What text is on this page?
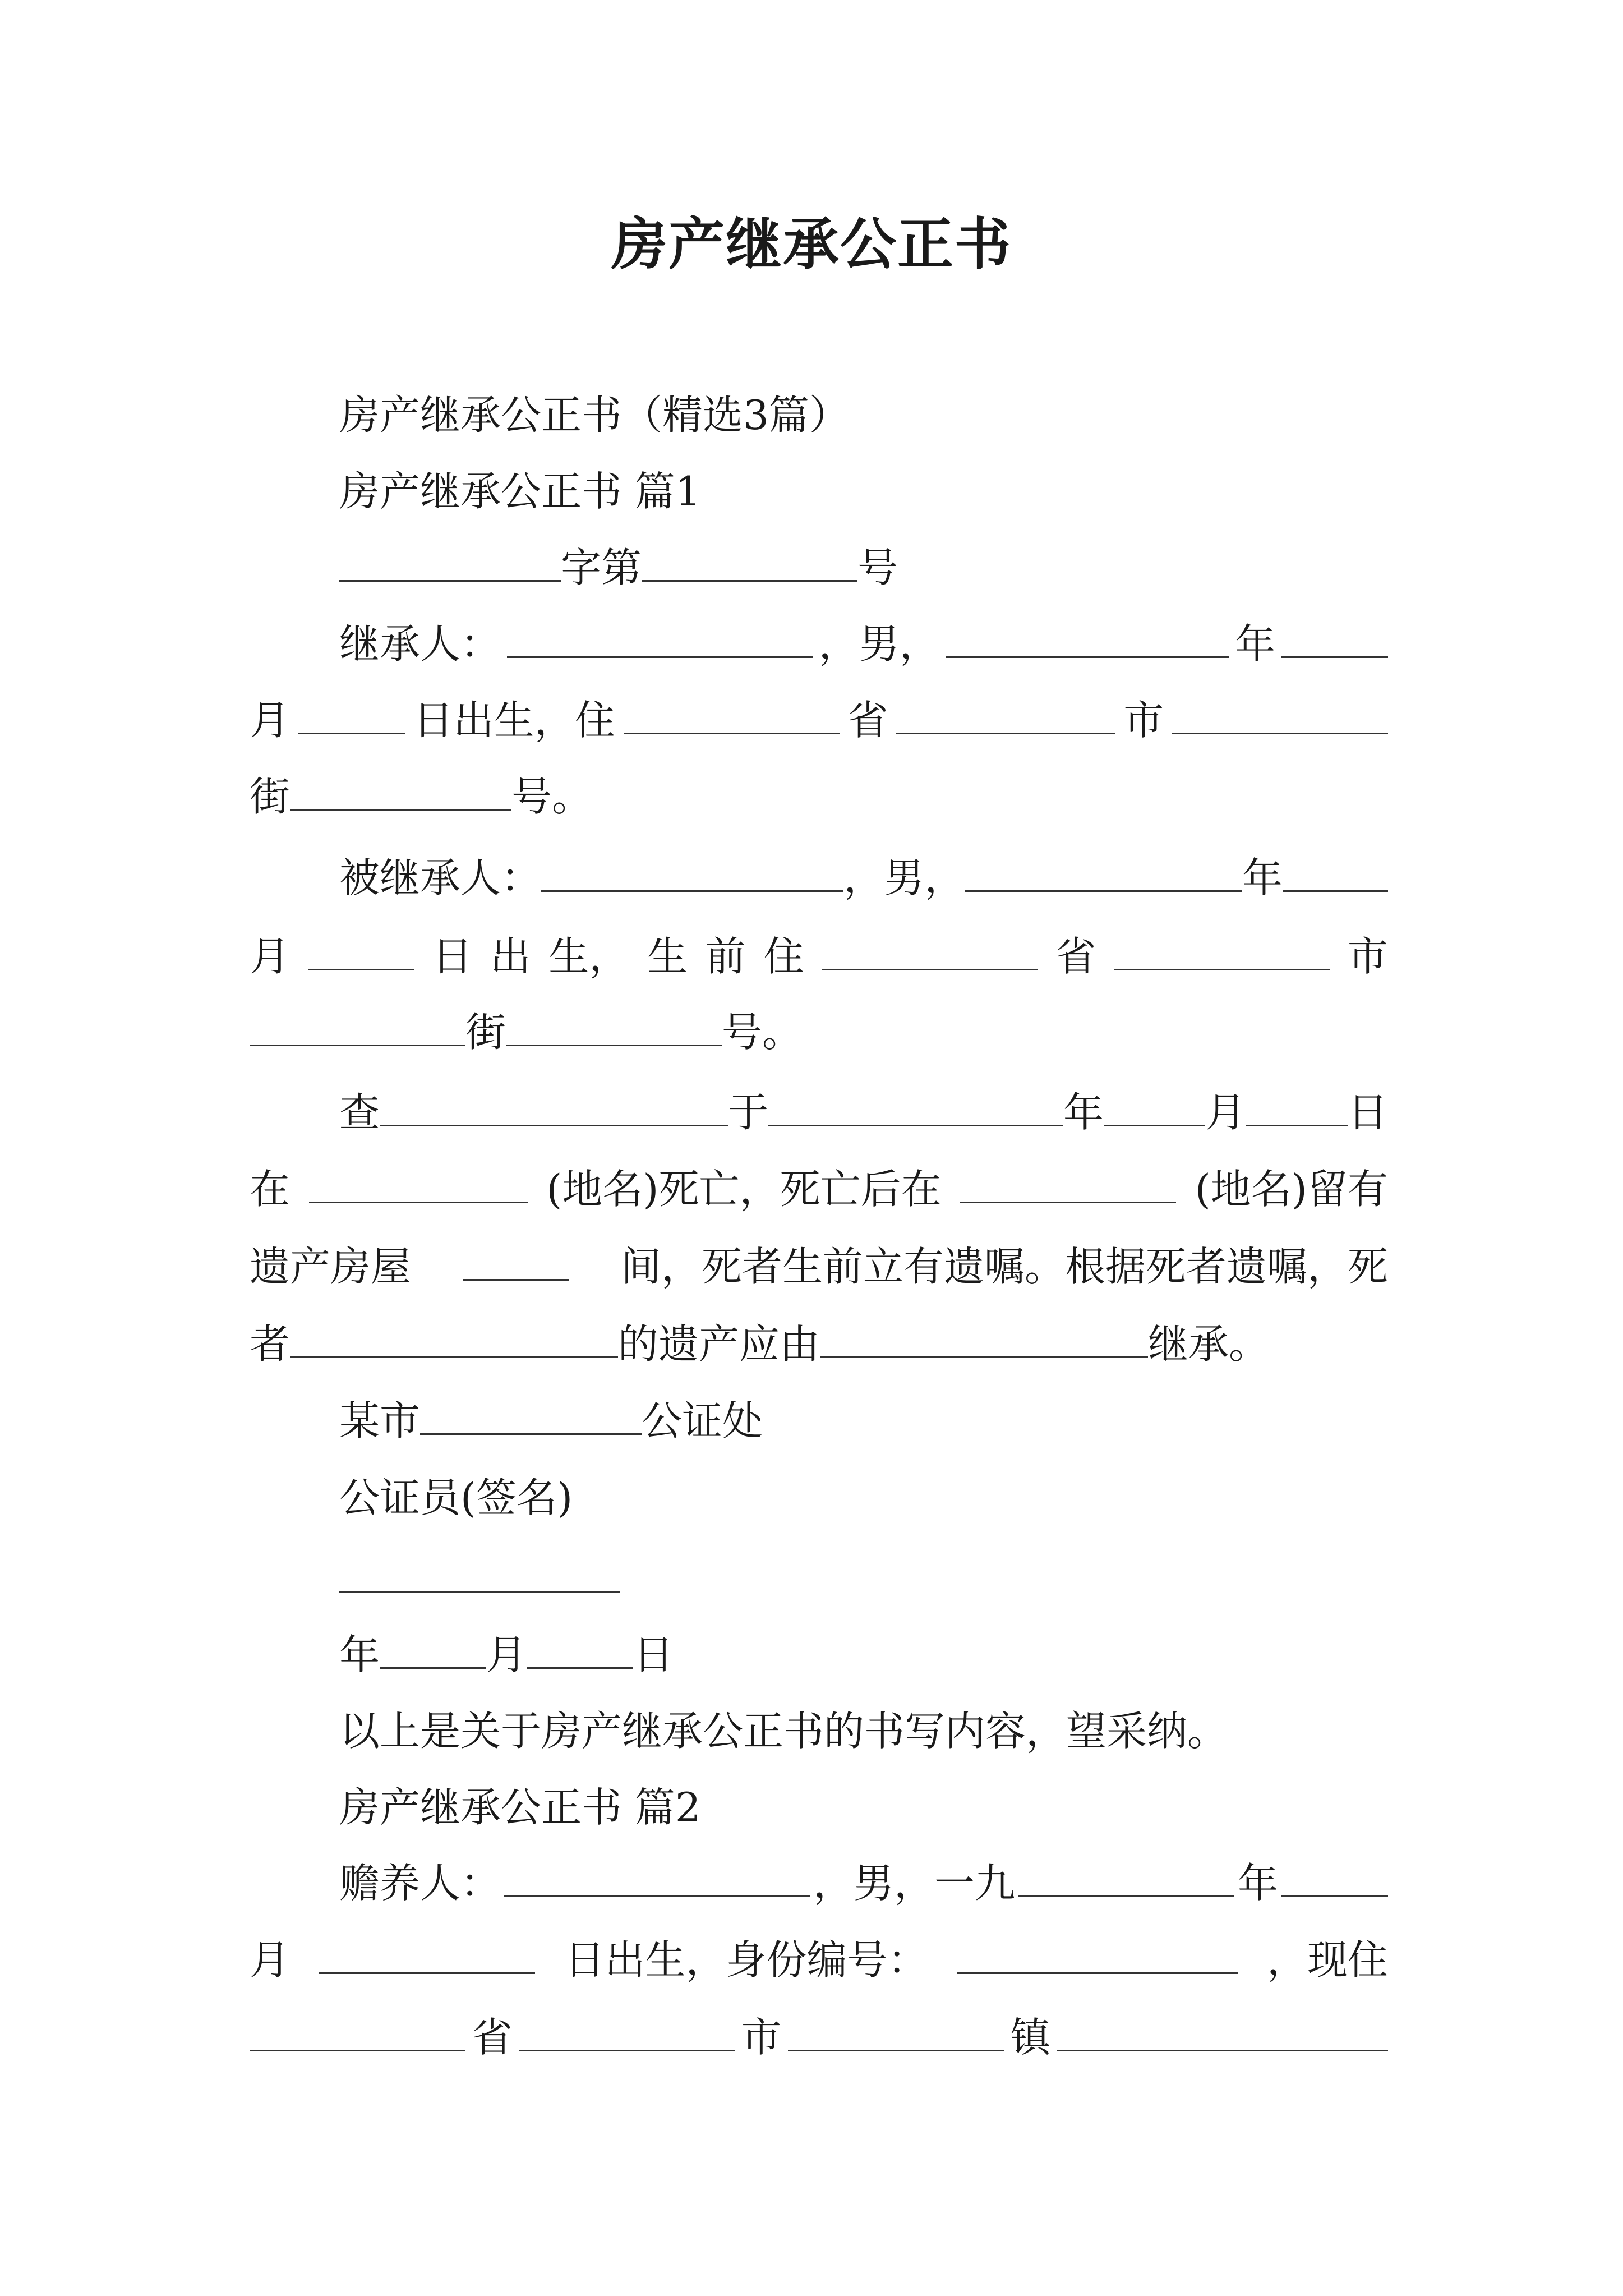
房产继承公正书
房产继承公正书（精选3篇）
房产继承公正书 篇1
字第	号
继承人：	，男，	年
月	日出生，住	省	市
街	号。
被继承人：	，男，	年
月	日 出 生， 生 前 住	省	市
街	号。
查	于	年	月	日
在	(地名)死亡，死亡后在	(地名)留有
遗产房屋	间，死者生前立有遗嘱。根据死者遗嘱，死
者	的遗产应由	继承。
某市	公证处
公证员(签名)
年	月	日
以上是关于房产继承公正书的书写内容，望采纳。
房产继承公正书 篇2
赡养人：	，男，一九	年
月	日出生，身份编号：	，现住
省	市	镇
